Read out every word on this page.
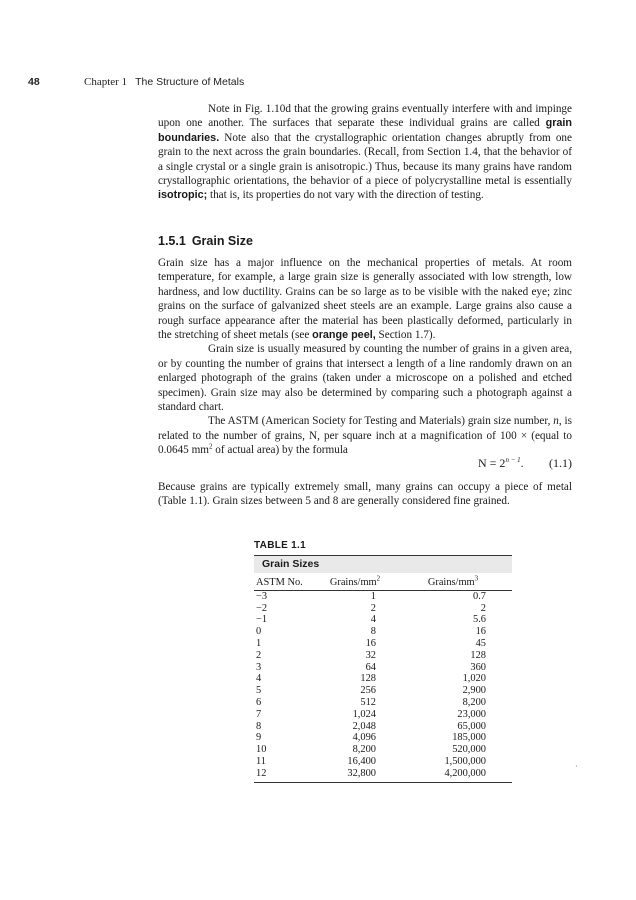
48	Chapter 1 The Structure of Metals

Note in Fig. 1.10d that the growing grains eventually interfere with and impinge upon one another. The surfaces that separate these individual grains are called grain boundaries. Note also that the crystallographic orientation changes abruptly from one grain to the next across the grain boundaries. (Recall, from Section 1.4, that the behavior of a single crystal or a single grain is anisotropic.) Thus, because its many grains have random crystallographic orientations, the behavior of a piece of polycrystalline metal is essentially isotropic; that is, its properties do not vary with the direction of testing.

1.5.1 Grain Size

Grain size has a major influence on the mechanical properties of metals. At room temperature, for example, a large grain size is generally associated with low strength, low hardness, and low ductility. Grains can be so large as to be visible with the naked eye; zinc grains on the surface of galvanized sheet steels are an example. Large grains also cause a rough surface appearance after the material has been plastically deformed, particularly in the stretching of sheet metals (see orange peel, Section 1.7).

Grain size is usually measured by counting the number of grains in a given area, or by counting the number of grains that intersect a length of a line randomly drawn on an enlarged photograph of the grains (taken under a microscope on a polished and etched specimen). Grain size may also be determined by comparing such a photograph against a standard chart.

The ASTM (American Society for Testing and Materials) grain size number, n, is related to the number of grains, N, per square inch at a magnification of 100 × (equal to 0.0645 $mm^2$ of actual area) by the formula

$N = 2^{n - 1}$. (1.1)

Because grains are typically extremely small, many grains can occupy a piece of metal (Table 1.1). Grain sizes between 5 and 8 are generally considered fine grained.

TABLE 1.1
Grain Sizes
ASTM No.	Grains/$mm^2$	Grains/$mm^3$
−3	1	0.7
−2	2	2
−1	4	5.6
0	8	16
1	16	45
2	32	128
3	64	360
4	128	1,020
5	256	2,900
6	512	8,200
7	1,024	23,000
8	2,048	65,000
9	4,096	185,000
10	8,200	520,000
11	16,400	1,500,000
12	32,800	4,200,000
·
